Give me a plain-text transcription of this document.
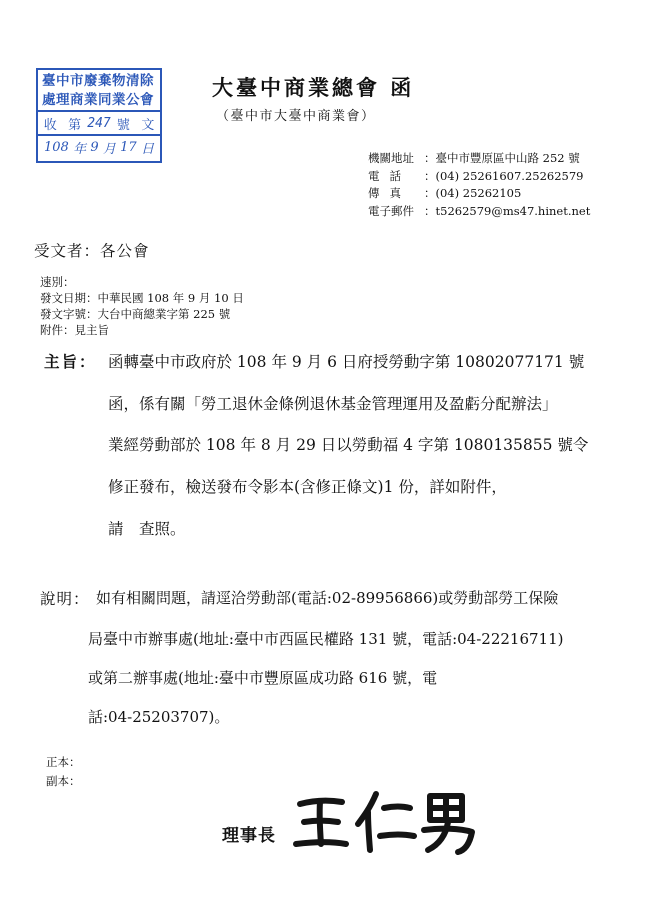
臺中市廢棄物清除
處理商業同業公會
收 第 247 號 文
108 年 9 月 17 日
大臺中商業總會 函
（臺中市大臺中商業會）
機關地址 ：臺中市豐原區中山路 252 號
電話	：(04) 25261607.25262579
傳真	：(04) 25262105
電子郵件 ：t5262579@ms47.hinet.net
受文者：各公會
速別：
發文日期：中華民國 108 年 9 月 10 日
發文字號：大台中商總業字第 225 號
附件：見主旨
主旨： 函轉臺中市政府於 108 年 9 月 6 日府授勞動字第 10802077171 號
函，係有關「勞工退休金條例退休基金管理運用及盈虧分配辦法」
業經勞動部於 108 年 8 月 29 日以勞動福 4 字第 1080135855 號令
修正發布，檢送發布令影本(含修正條文)1 份，詳如附件，
請　查照。
說明： 如有相關問題，請逕洽勞動部(電話:02-89956866)或勞動部勞工保險
局臺中市辦事處(地址:臺中市西區民權路 131 號，電話:04-22216711)
或第二辦事處(地址:臺中市豐原區成功路 616 號，電
話:04-25203707)。
正本：
副本：
理事長
